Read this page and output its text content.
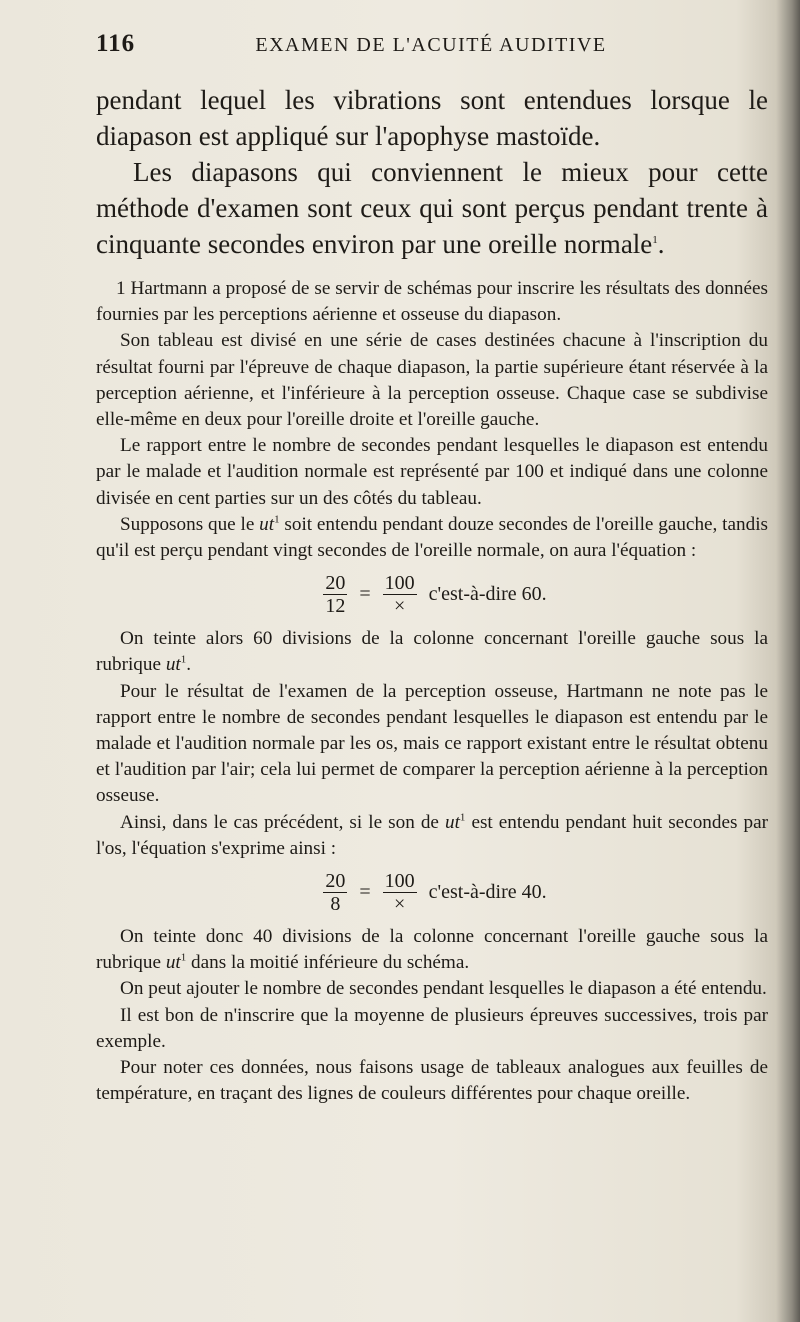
116	EXAMEN DE L'ACUITÉ AUDITIVE

pendant lequel les vibrations sont entendues lorsque le diapason est appliqué sur l'apophyse mastoïde.

Les diapasons qui conviennent le mieux pour cette méthode d'examen sont ceux qui sont perçus pendant trente à cinquante secondes environ par une oreille normale$^1$.

1 Hartmann a proposé de se servir de schémas pour inscrire les résultats des données fournies par les perceptions aérienne et osseuse du diapason.

Son tableau est divisé en une série de cases destinées chacune à l'inscription du résultat fourni par l'épreuve de chaque diapason, la partie supérieure étant réservée à la perception aérienne, et l'inférieure à la perception osseuse. Chaque case se subdivise elle-même en deux pour l'oreille droite et l'oreille gauche.

Le rapport entre le nombre de secondes pendant lesquelles le diapason est entendu par le malade et l'audition normale est représenté par 100 et indiqué dans une colonne divisée en cent parties sur un des côtés du tableau.

Supposons que le $ut^1$ soit entendu pendant douze secondes de l'oreille gauche, tandis qu'il est perçu pendant vingt secondes de l'oreille normale, on aura l'équation :

$\frac{20}{12} = \frac{100}{\times}$ c'est-à-dire 60.

On teinte alors 60 divisions de la colonne concernant l'oreille gauche sous la rubrique $ut^1$.

Pour le résultat de l'examen de la perception osseuse, Hartmann ne note pas le rapport entre le nombre de secondes pendant lesquelles le diapason est entendu par le malade et l'audition normale par les os, mais ce rapport existant entre le résultat obtenu et l'audition par l'air; cela lui permet de comparer la perception aérienne à la perception osseuse.

Ainsi, dans le cas précédent, si le son de $ut^1$ est entendu pendant huit secondes par l'os, l'équation s'exprime ainsi :

$\frac{20}{8} = \frac{100}{\times}$ c'est-à-dire 40.

On teinte donc 40 divisions de la colonne concernant l'oreille gauche sous la rubrique $ut^1$ dans la moitié inférieure du schéma.

On peut ajouter le nombre de secondes pendant lesquelles le diapason a été entendu.

Il est bon de n'inscrire que la moyenne de plusieurs épreuves successives, trois par exemple.

Pour noter ces données, nous faisons usage de tableaux analogues aux feuilles de température, en traçant des lignes de couleurs différentes pour chaque oreille.
